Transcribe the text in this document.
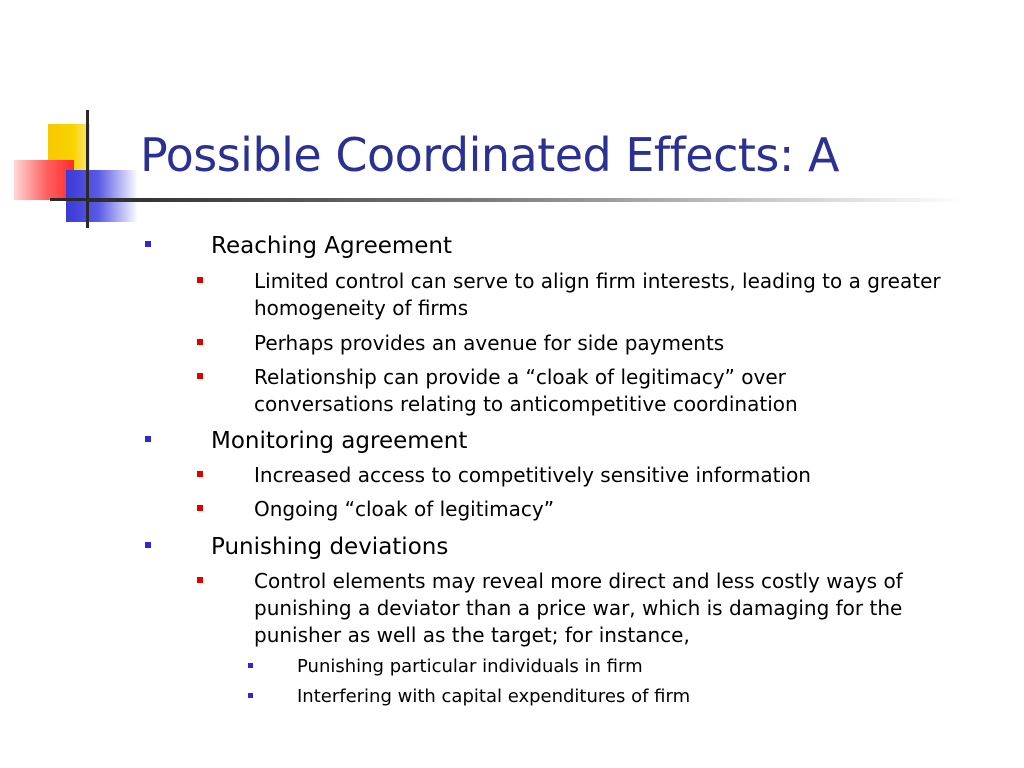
Possible Coordinated Effects: A
Reaching Agreement
Limited control can serve to align firm interests, leading to a greater homogeneity of firms
Perhaps provides an avenue for side payments
Relationship can provide a “cloak of legitimacy” over conversations relating to anticompetitive coordination
Monitoring agreement
Increased access to competitively sensitive information
Ongoing “cloak of legitimacy”
Punishing deviations
Control elements may reveal more direct and less costly ways of punishing a deviator than a price war, which is damaging for the punisher as well as the target; for instance,
Punishing particular individuals in firm
Interfering with capital expenditures of firm
